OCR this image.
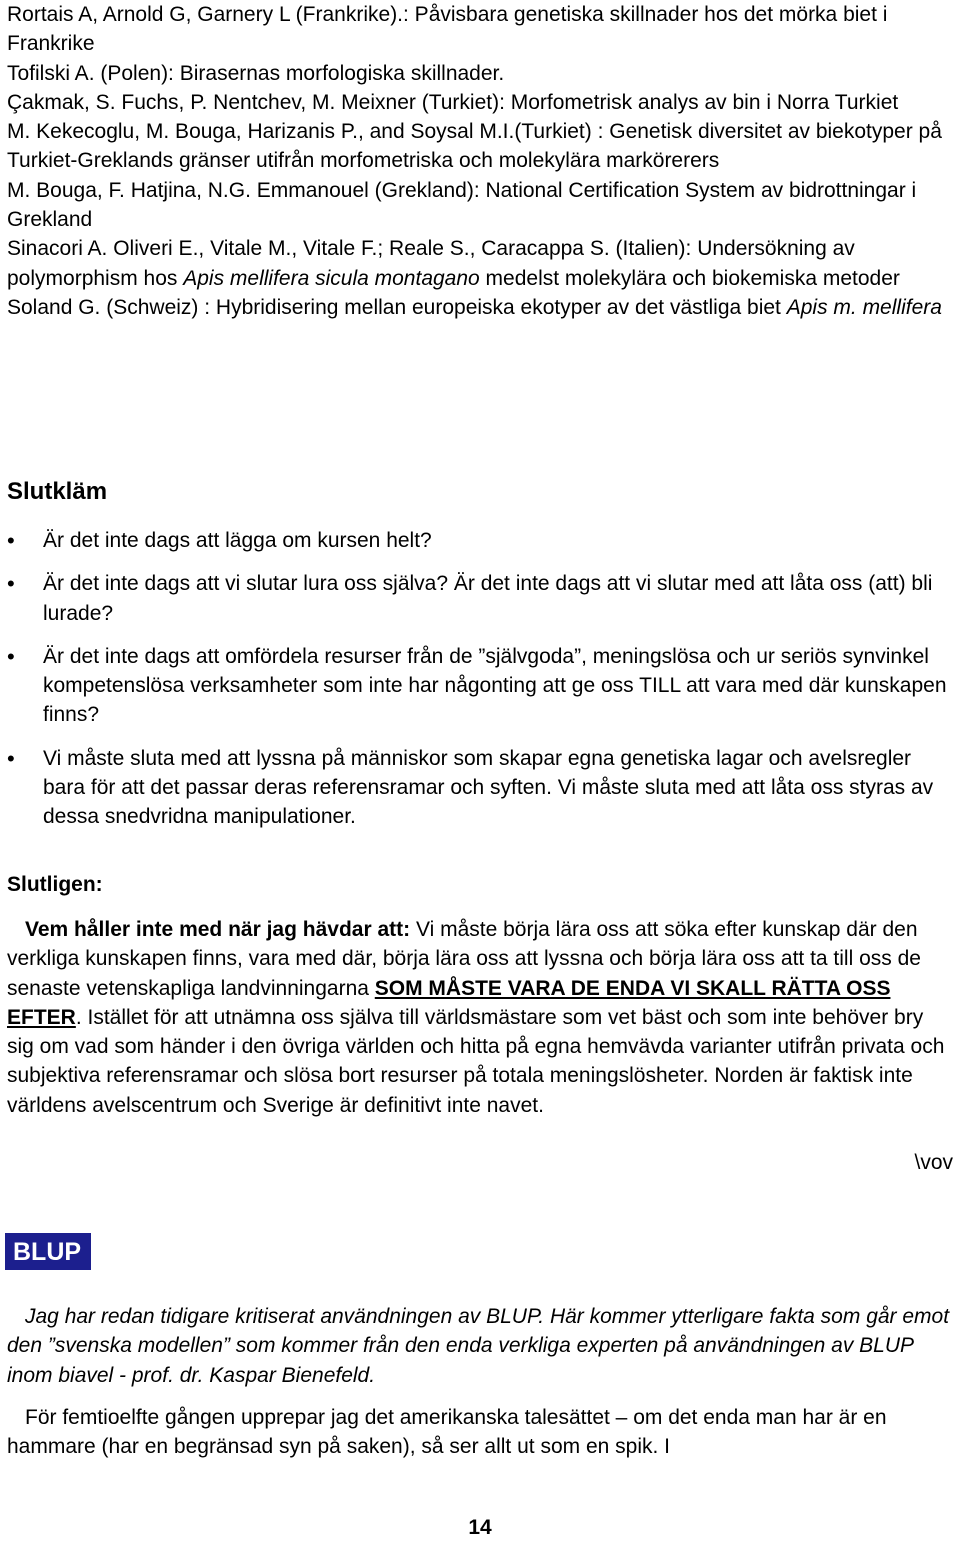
Rortais A, Arnold G, Garnery L (Frankrike).: Påvisbara genetiska skillnader hos det mörka biet i Frankrike

Tofilski A. (Polen): Birasernas morfologiska skillnader.

Çakmak, S. Fuchs, P. Nentchev, M. Meixner (Turkiet): Morfometrisk analys av bin i Norra Turkiet

M. Kekecoglu, M. Bouga, Harizanis P., and Soysal M.I.(Turkiet) : Genetisk diversitet av biekotyper på Turkiet-Greklands gränser utifrån morfometriska och molekylära markörerers

M. Bouga, F. Hatjina, N.G. Emmanouel (Grekland): National Certification System av bidrottningar i Grekland

Sinacori A. Oliveri E., Vitale M., Vitale F.; Reale S., Caracappa S. (Italien): Undersökning av polymorphism hos Apis mellifera sicula montagano medelst molekylära och biokemiska metoder

Soland G. (Schweiz) : Hybridisering mellan europeiska ekotyper av det västliga biet Apis m. mellifera

Slutkläm
• Är det inte dags att lägga om kursen helt?
• Är det inte dags att vi slutar lura oss själva? Är det inte dags att vi slutar med att låta oss (att) bli lurade?
• Är det inte dags att omfördela resurser från de ”självgoda”, meningslösa och ur seriös synvinkel kompetenslösa verksamheter som inte har någonting att ge oss TILL att vara med där kunskapen finns?
• Vi måste sluta med att lyssna på människor som skapar egna genetiska lagar och avelsregler bara för att det passar deras referensramar och syften. Vi måste sluta med att låta oss styras av dessa snedvridna manipulationer.
Slutligen:

Vem håller inte med när jag hävdar att: Vi måste börja lära oss att söka efter kunskap där den verkliga kunskapen finns, vara med där, börja lära oss att lyssna och börja lära oss att ta till oss de senaste vetenskapliga landvinningarna SOM MÅSTE VARA DE ENDA VI SKALL RÄTTA OSS EFTER. Istället för att utnämna oss själva till världsmästare som vet bäst och som inte behöver bry sig om vad som händer i den övriga världen och hitta på egna hemvävda varianter utifrån privata och subjektiva referensramar och slösa bort resurser på totala meningslösheter. Norden är faktisk inte världens avelscentrum och Sverige är definitivt inte navet.

\vov
BLUP

Jag har redan tidigare kritiserat användningen av BLUP. Här kommer ytterligare fakta som går emot den ”svenska modellen” som kommer från den enda verkliga experten på användningen av BLUP inom biavel - prof. dr. Kaspar Bienefeld.

För femtioelfte gången upprepar jag det amerikanska talesättet – om det enda man har är en hammare (har en begränsad syn på saken), så ser allt ut som en spik. I

14
